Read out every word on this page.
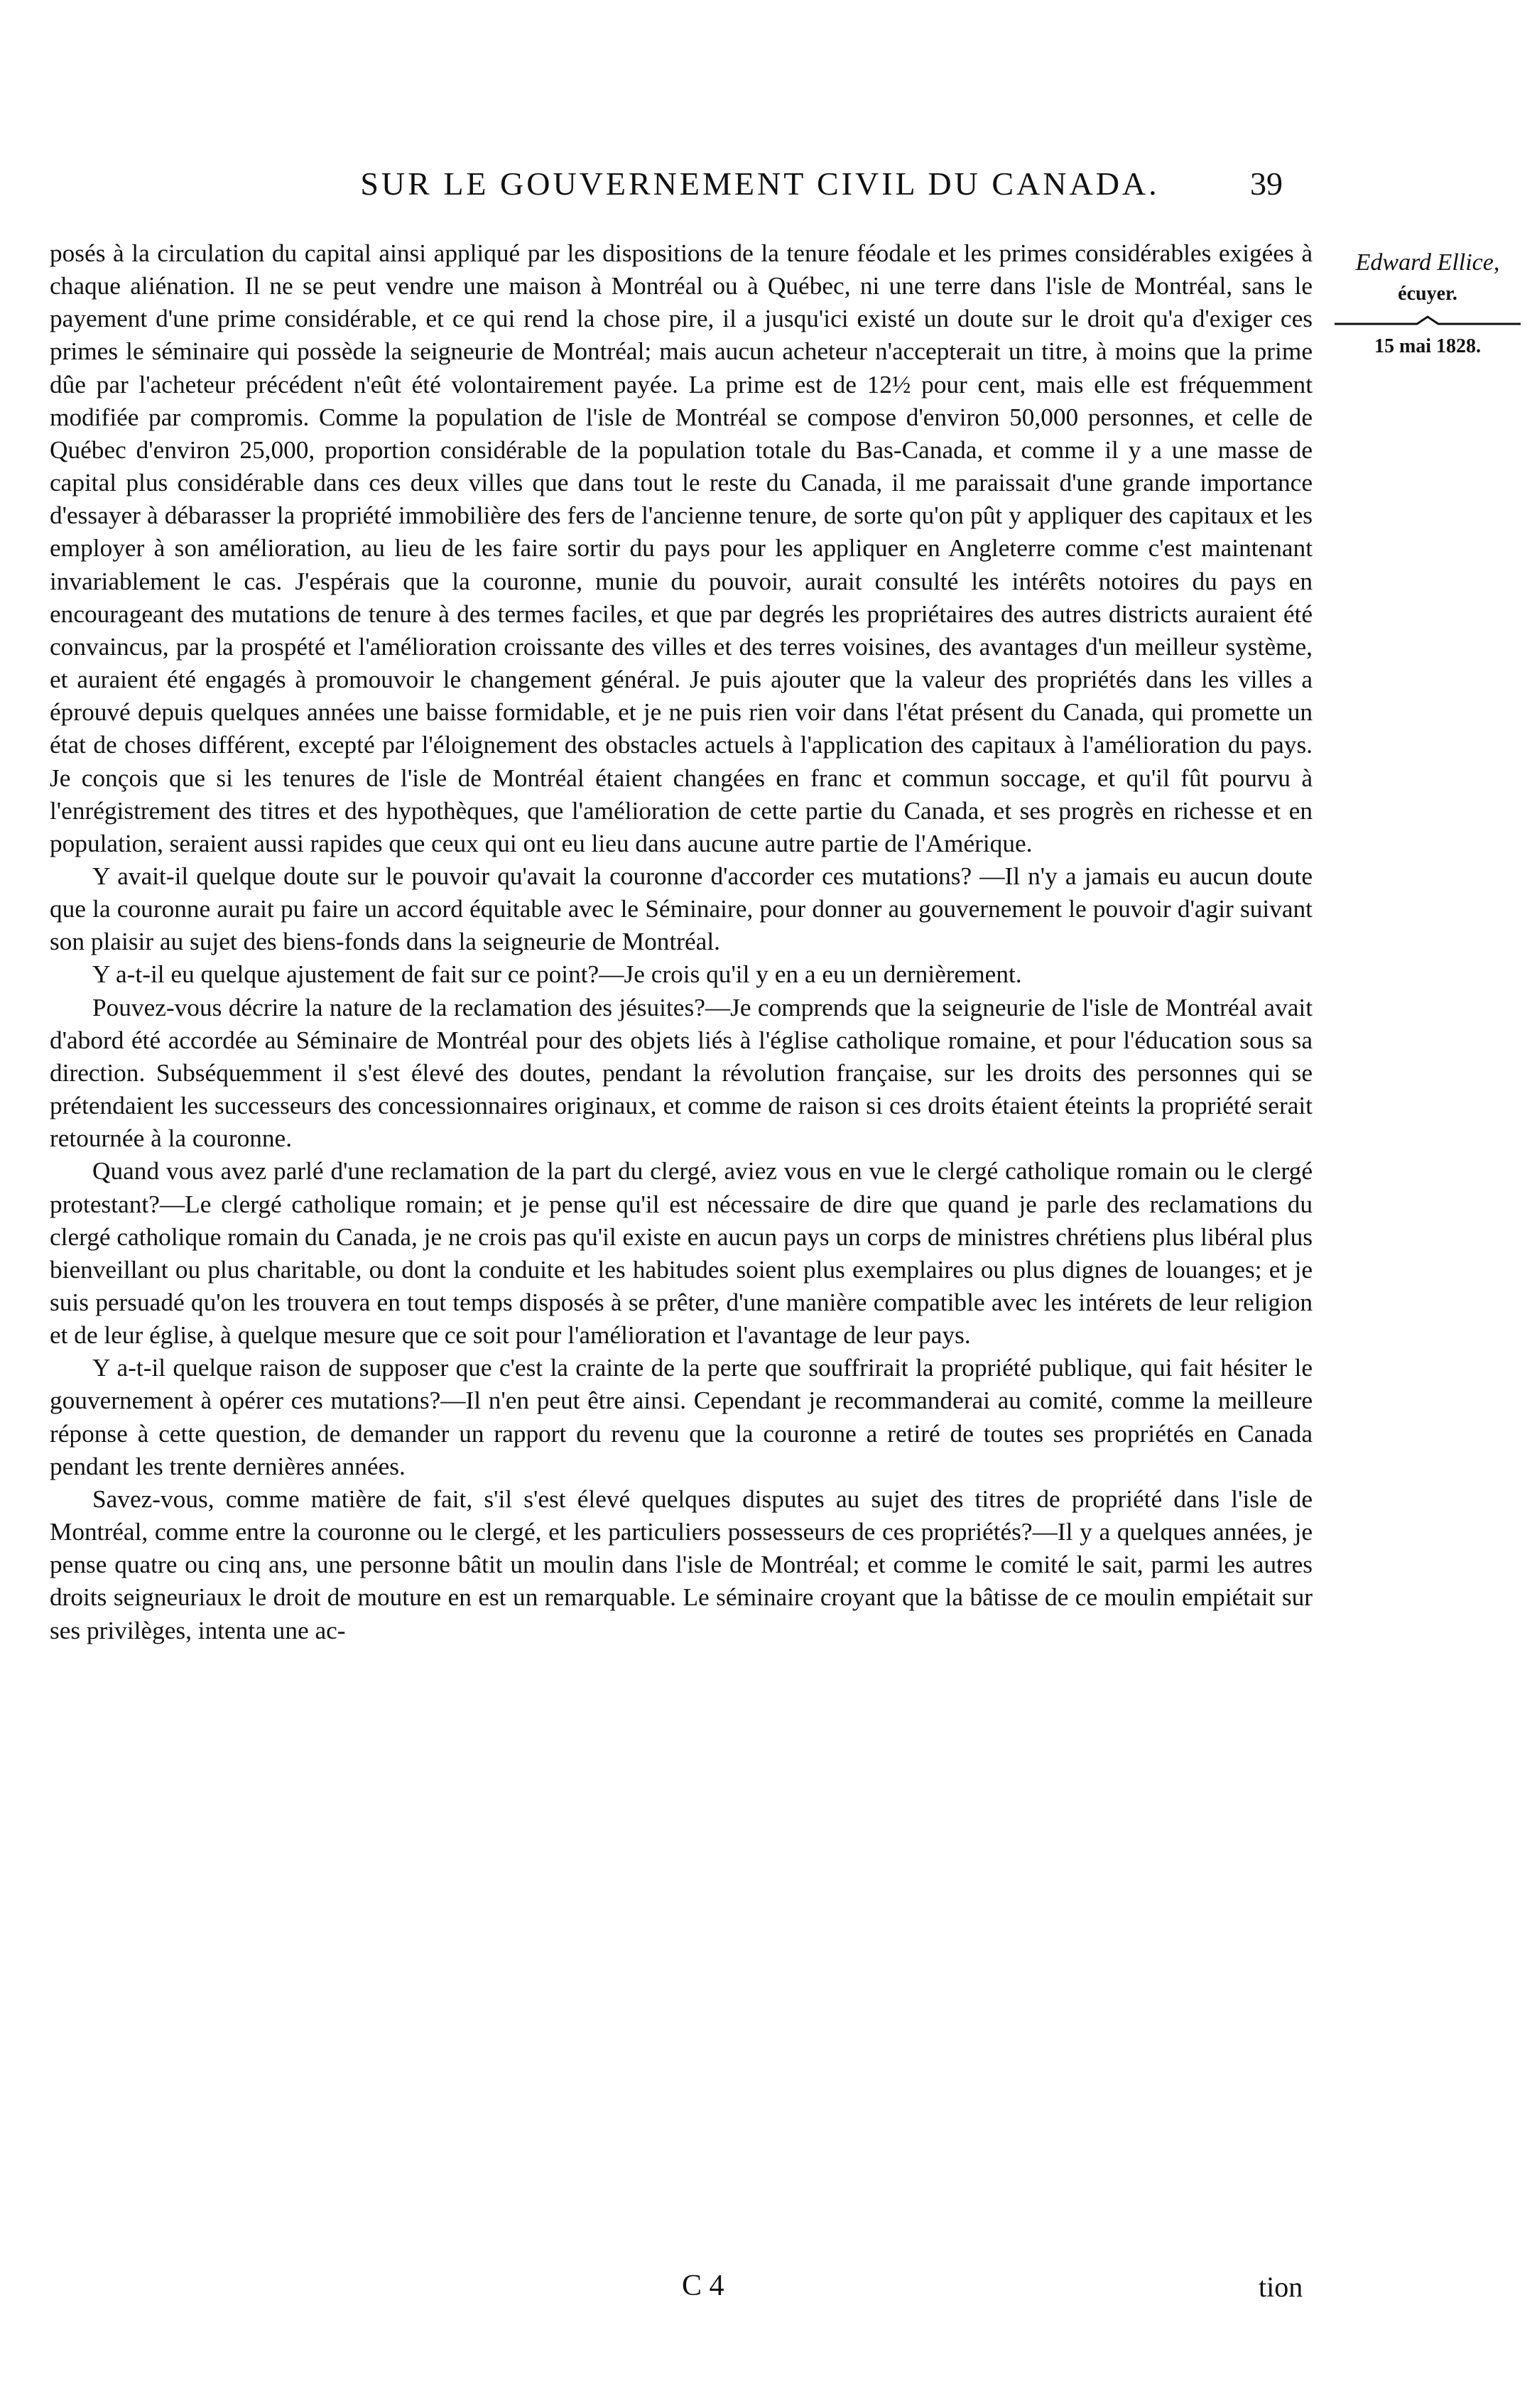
SUR LE GOUVERNEMENT CIVIL DU CANADA.	39
Edward Ellice,
écuyer.
15 mai 1828.

posés à la circulation du capital ainsi appliqué par les dispositions de la tenure féodale et les primes considérables exigées à chaque aliénation. Il ne se peut vendre une maison à Montréal ou à Québec, ni une terre dans l'isle de Montréal, sans le payement d'une prime considérable, et ce qui rend la chose pire, il a jusqu'ici existé un doute sur le droit qu'a d'exiger ces primes le séminaire qui possède la seigneurie de Montréal; mais aucun acheteur n'accepterait un titre, à moins que la prime dûe par l'acheteur précédent n'eût été volontairement payée. La prime est de 12½ pour cent, mais elle est fréquemment modifiée par compromis. Comme la population de l'isle de Montréal se compose d'environ 50,000 personnes, et celle de Québec d'environ 25,000, proportion considérable de la population totale du Bas-Canada, et comme il y a une masse de capital plus considérable dans ces deux villes que dans tout le reste du Canada, il me paraissait d'une grande importance d'essayer à débarasser la propriété immobilière des fers de l'ancienne tenure, de sorte qu'on pût y appliquer des capitaux et les employer à son amélioration, au lieu de les faire sortir du pays pour les appliquer en Angleterre comme c'est maintenant invariablement le cas. J'espérais que la couronne, munie du pouvoir, aurait consulté les intérêts notoires du pays en encourageant des mutations de tenure à des termes faciles, et que par degrés les propriétaires des autres districts auraient été convaincus, par la prospété et l'amélioration croissante des villes et des terres voisines, des avantages d'un meilleur système, et auraient été engagés à promouvoir le changement général. Je puis ajouter que la valeur des propriétés dans les villes a éprouvé depuis quelques années une baisse formidable, et je ne puis rien voir dans l'état présent du Canada, qui promette un état de choses différent, excepté par l'éloignement des obstacles actuels à l'application des capitaux à l'amélioration du pays. Je conçois que si les tenures de l'isle de Montréal étaient changées en franc et commun soccage, et qu'il fût pourvu à l'enrégistrement des titres et des hypothèques, que l'amélioration de cette partie du Canada, et ses progrès en richesse et en population, seraient aussi rapides que ceux qui ont eu lieu dans aucune autre partie de l'Amérique.

Y avait-il quelque doute sur le pouvoir qu'avait la couronne d'accorder ces mutations? —Il n'y a jamais eu aucun doute que la couronne aurait pu faire un accord équitable avec le Séminaire, pour donner au gouvernement le pouvoir d'agir suivant son plaisir au sujet des biens-fonds dans la seigneurie de Montréal.

Y a-t-il eu quelque ajustement de fait sur ce point?—Je crois qu'il y en a eu un dernièrement.

Pouvez-vous décrire la nature de la reclamation des jésuites?—Je comprends que la seigneurie de l'isle de Montréal avait d'abord été accordée au Séminaire de Montréal pour des objets liés à l'église catholique romaine, et pour l'éducation sous sa direction. Subséquemment il s'est élevé des doutes, pendant la révolution française, sur les droits des personnes qui se prétendaient les successeurs des concessionnaires originaux, et comme de raison si ces droits étaient éteints la propriété serait retournée à la couronne.

Quand vous avez parlé d'une reclamation de la part du clergé, aviez vous en vue le clergé catholique romain ou le clergé protestant?—Le clergé catholique romain; et je pense qu'il est nécessaire de dire que quand je parle des reclamations du clergé catholique romain du Canada, je ne crois pas qu'il existe en aucun pays un corps de ministres chrétiens plus libéral plus bienveillant ou plus charitable, ou dont la conduite et les habitudes soient plus exemplaires ou plus dignes de louanges; et je suis persuadé qu'on les trouvera en tout temps disposés à se prêter, d'une manière compatible avec les intérets de leur religion et de leur église, à quelque mesure que ce soit pour l'amélioration et l'avantage de leur pays.

Y a-t-il quelque raison de supposer que c'est la crainte de la perte que souffrirait la propriété publique, qui fait hésiter le gouvernement à opérer ces mutations?—Il n'en peut être ainsi. Cependant je recommanderai au comité, comme la meilleure réponse à cette question, de demander un rapport du revenu que la couronne a retiré de toutes ses propriétés en Canada pendant les trente dernières années.

Savez-vous, comme matière de fait, s'il s'est élevé quelques disputes au sujet des titres de propriété dans l'isle de Montréal, comme entre la couronne ou le clergé, et les particuliers possesseurs de ces propriétés?—Il y a quelques années, je pense quatre ou cinq ans, une personne bâtit un moulin dans l'isle de Montréal; et comme le comité le sait, parmi les autres droits seigneuriaux le droit de mouture en est un remarquable. Le séminaire croyant que la bâtisse de ce moulin empiétait sur ses privilèges, intenta une ac-

C 4	tion
